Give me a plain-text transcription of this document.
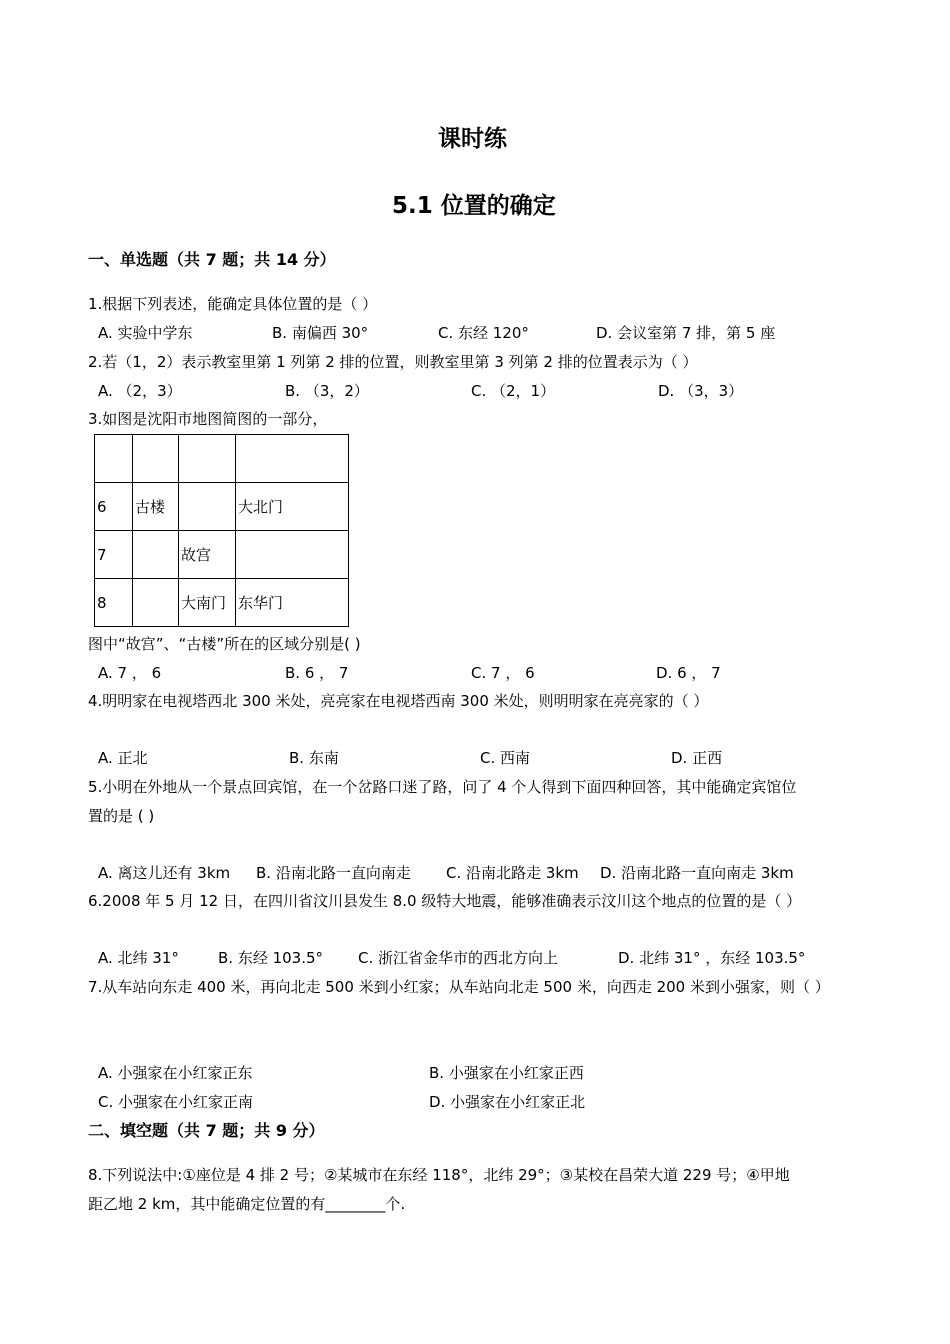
课时练
5.1 位置的确定
一、单选题（共 7 题；共 14 分）
1.根据下列表述，能确定具体位置的是（ ）
A. 实验中学东	B. 南偏西 30°	C. 东经 120°	D. 会议室第 7 排，第 5 座
2.若（1，2）表示教室里第 1 列第 2 排的位置，则教室里第 3 列第 2 排的位置表示为（ ）
A. （2，3）	B. （3，2）	C. （2，1）	D. （3，3）
3.如图是沈阳市地图简图的一部分，

6	古楼		大北门
7		故宫	
8		大南门	东华门
图中“故宫”、“古楼”所在的区域分别是( )
A. 7 ， 6	B. 6 ， 7	C. 7 ， 6	D. 6 ， 7
4.明明家在电视塔西北 300 米处，亮亮家在电视塔西南 300 米处，则明明家在亮亮家的（ ）
A. 正北	B. 东南	C. 西南	D. 正西
5.小明在外地从一个景点回宾馆，在一个岔路口迷了路，问了 4 个人得到下面四种回答，其中能确定宾馆位
置的是 ( )
A. 离这儿还有 3km B. 沿南北路一直向南走 C. 沿南北路走 3km D. 沿南北路一直向南走 3km
6.2008 年 5 月 12 日，在四川省汶川县发生 8.0 级特大地震，能够准确表示汶川这个地点的位置的是（ ）
A. 北纬 31°	B. 东经 103.5° C. 浙江省金华市的西北方向上	D. 北纬 31° ，东经 103.5°
7.从车站向东走 400 米，再向北走 500 米到小红家；从车站向北走 500 米，向西走 200 米到小强家，则（ ）
A. 小强家在小红家正东	B. 小强家在小红家正西
C. 小强家在小红家正南	D. 小强家在小红家正北
二、填空题（共 7 题；共 9 分）
8.下列说法中:①座位是 4 排 2 号；②某城市在东经 118°，北纬 29°；③某校在昌荣大道 229 号；④甲地
距乙地 2 km，其中能确定位置的有________个.
